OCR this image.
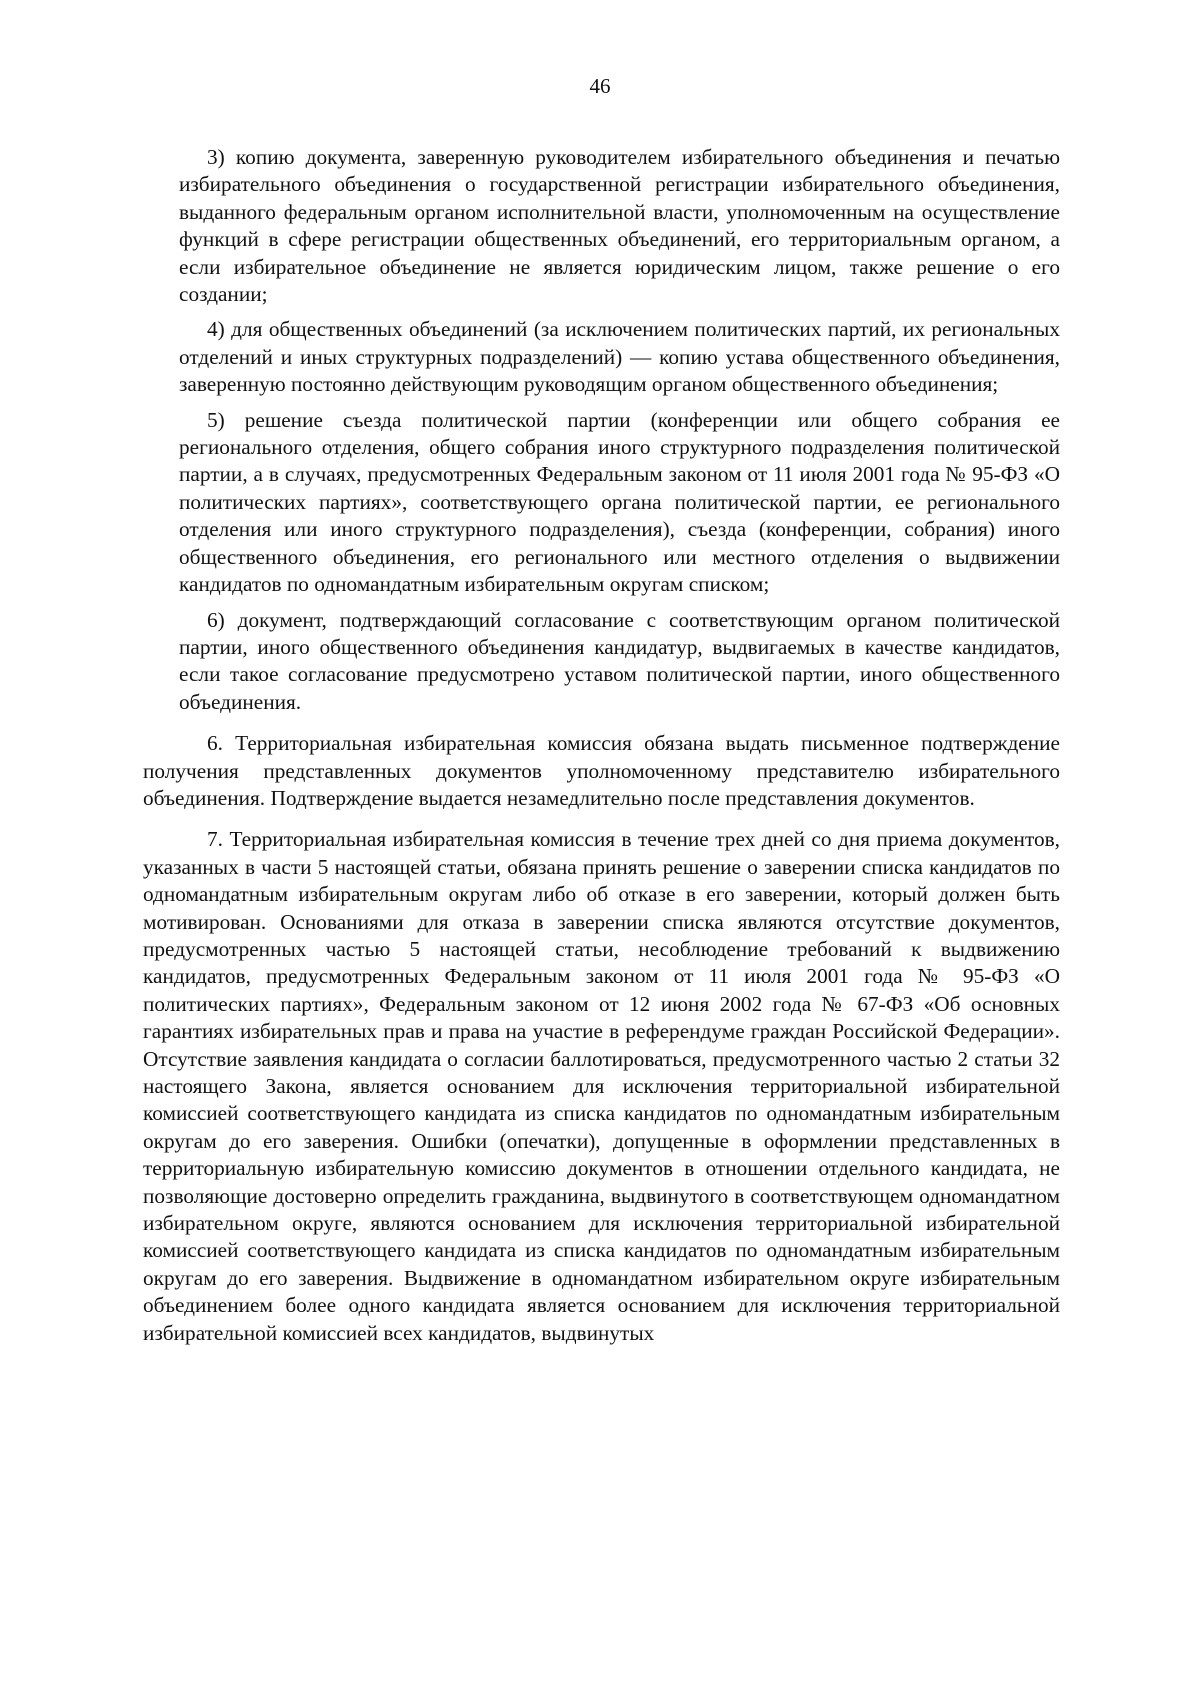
46

3) копию документа, заверенную руководителем избирательного объединения и печатью избирательного объединения о государственной регистрации избирательного объединения, выданного федеральным органом исполнительной власти, уполномоченным на осуществление функций в сфере регистрации общественных объединений, его территориальным органом, а если избирательное объединение не является юридическим лицом, также решение о его создании;

4) для общественных объединений (за исключением политических партий, их региональных отделений и иных структурных подразделений) — копию устава общественного объединения, заверенную постоянно действующим руководящим органом общественного объединения;

5) решение съезда политической партии (конференции или общего собрания ее регионального отделения, общего собрания иного структурного подразделения политической партии, а в случаях, предусмотренных Федеральным законом от 11 июля 2001 года № 95-ФЗ «О политических партиях», соответствующего органа политической партии, ее регионального отделения или иного структурного подразделения), съезда (конференции, собрания) иного общественного объединения, его регионального или местного отделения о выдвижении кандидатов по одномандатным избирательным округам списком;

6) документ, подтверждающий согласование с соответствующим органом политической партии, иного общественного объединения кандидатур, выдвигаемых в качестве кандидатов, если такое согласование предусмотрено уставом политической партии, иного общественного объединения.

6. Территориальная избирательная комиссия обязана выдать письменное подтверждение получения представленных документов уполномоченному представителю избирательного объединения. Подтверждение выдается незамедлительно после представления документов.

7. Территориальная избирательная комиссия в течение трех дней со дня приема документов, указанных в части 5 настоящей статьи, обязана принять решение о заверении списка кандидатов по одномандатным избирательным округам либо об отказе в его заверении, который должен быть мотивирован. Основаниями для отказа в заверении списка являются отсутствие документов, предусмотренных частью 5 настоящей статьи, несоблюдение требований к выдвижению кандидатов, предусмотренных Федеральным законом от 11 июля 2001 года № 95-ФЗ «О политических партиях», Федеральным законом от 12 июня 2002 года № 67-ФЗ «Об основных гарантиях избирательных прав и права на участие в референдуме граждан Российской Федерации». Отсутствие заявления кандидата о согласии баллотироваться, предусмотренного частью 2 статьи 32 настоящего Закона, является основанием для исключения территориальной избирательной комиссией соответствующего кандидата из списка кандидатов по одномандатным избирательным округам до его заверения. Ошибки (опечатки), допущенные в оформлении представленных в территориальную избирательную комиссию документов в отношении отдельного кандидата, не позволяющие достоверно определить гражданина, выдвинутого в соответствующем одномандатном избирательном округе, являются основанием для исключения территориальной избирательной комиссией соответствующего кандидата из списка кандидатов по одномандатным избирательным округам до его заверения. Выдвижение в одномандатном избирательном округе избирательным объединением более одного кандидата является основанием для исключения территориальной избирательной комиссией всех кандидатов, выдвинутых
